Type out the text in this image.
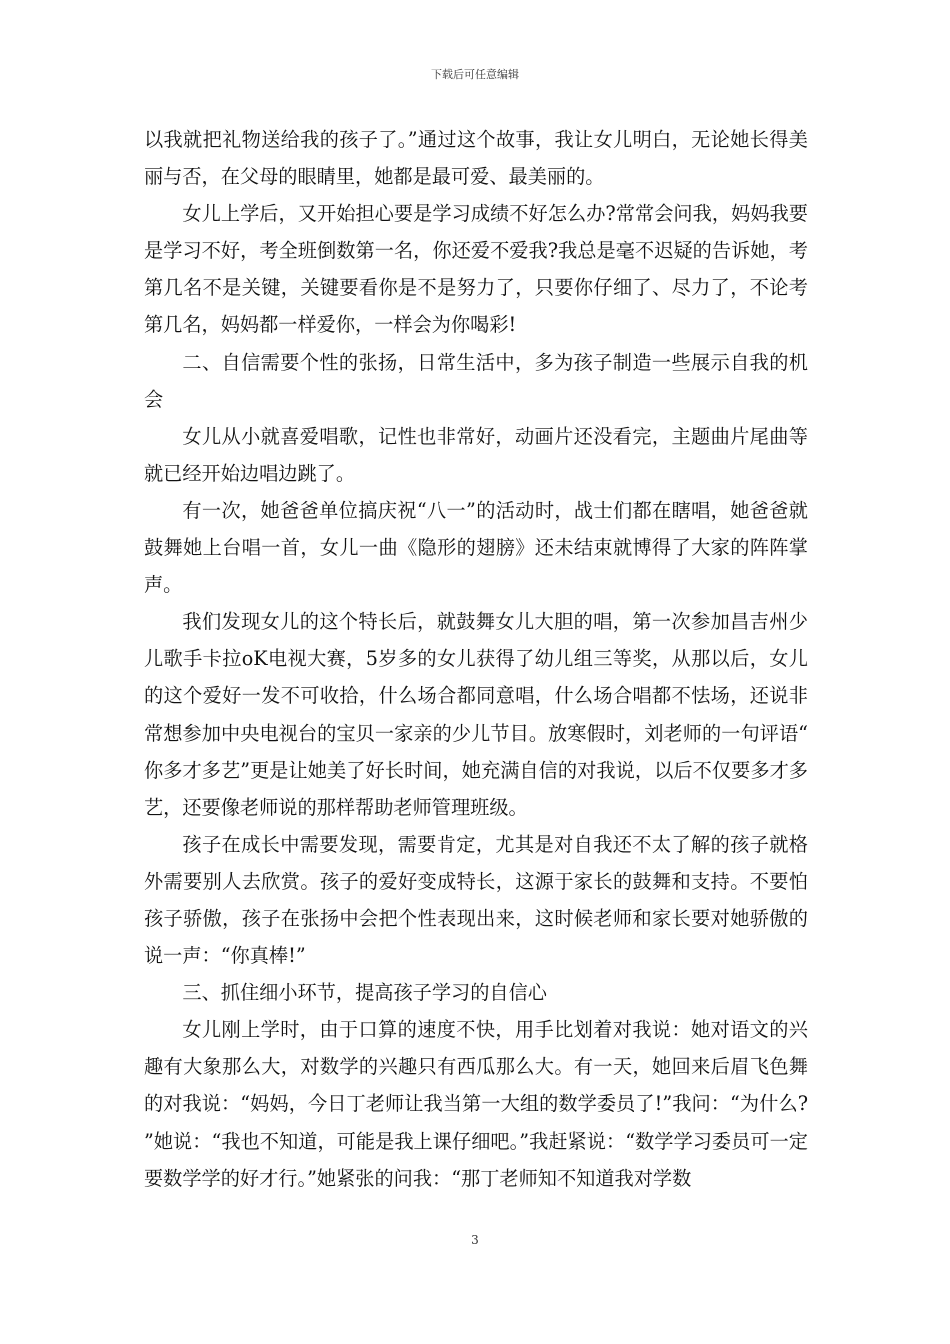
下载后可任意编辑

以我就把礼物送给我的孩子了。”通过这个故事，我让女儿明白，无论她长得美丽与否，在父母的眼睛里，她都是最可爱、最美丽的。

女儿上学后，又开始担心要是学习成绩不好怎么办?常常会问我，妈妈我要是学习不好，考全班倒数第一名，你还爱不爱我?我总是毫不迟疑的告诉她，考第几名不是关键，关键要看你是不是努力了，只要你仔细了、尽力了，不论考第几名，妈妈都一样爱你，一样会为你喝彩!

二、自信需要个性的张扬，日常生活中，多为孩子制造一些展示自我的机会

女儿从小就喜爱唱歌，记性也非常好，动画片还没看完，主题曲片尾曲等就已经开始边唱边跳了。

有一次，她爸爸单位搞庆祝“八一”的活动时，战士们都在瞎唱，她爸爸就鼓舞她上台唱一首，女儿一曲《隐形的翅膀》还未结束就博得了大家的阵阵掌声。

我们发现女儿的这个特长后，就鼓舞女儿大胆的唱，第一次参加昌吉州少儿歌手卡拉oK电视大赛，5岁多的女儿获得了幼儿组三等奖，从那以后，女儿的这个爱好一发不可收拾，什么场合都同意唱，什么场合唱都不怯场，还说非常想参加中央电视台的宝贝一家亲的少儿节目。放寒假时，刘老师的一句评语“你多才多艺”更是让她美了好长时间，她充满自信的对我说，以后不仅要多才多艺，还要像老师说的那样帮助老师管理班级。

孩子在成长中需要发现，需要肯定，尤其是对自我还不太了解的孩子就格外需要别人去欣赏。孩子的爱好变成特长，这源于家长的鼓舞和支持。不要怕孩子骄傲，孩子在张扬中会把个性表现出来，这时候老师和家长要对她骄傲的说一声：“你真棒!”

三、抓住细小环节，提高孩子学习的自信心

女儿刚上学时，由于口算的速度不快，用手比划着对我说：她对语文的兴趣有大象那么大，对数学的兴趣只有西瓜那么大。有一天，她回来后眉飞色舞的对我说：“妈妈，今日丁老师让我当第一大组的数学委员了!”我问：“为什么?”她说：“我也不知道，可能是我上课仔细吧。”我赶紧说：“数学学习委员可一定要数学学的好才行。”她紧张的问我：“那丁老师知不知道我对学数

3
